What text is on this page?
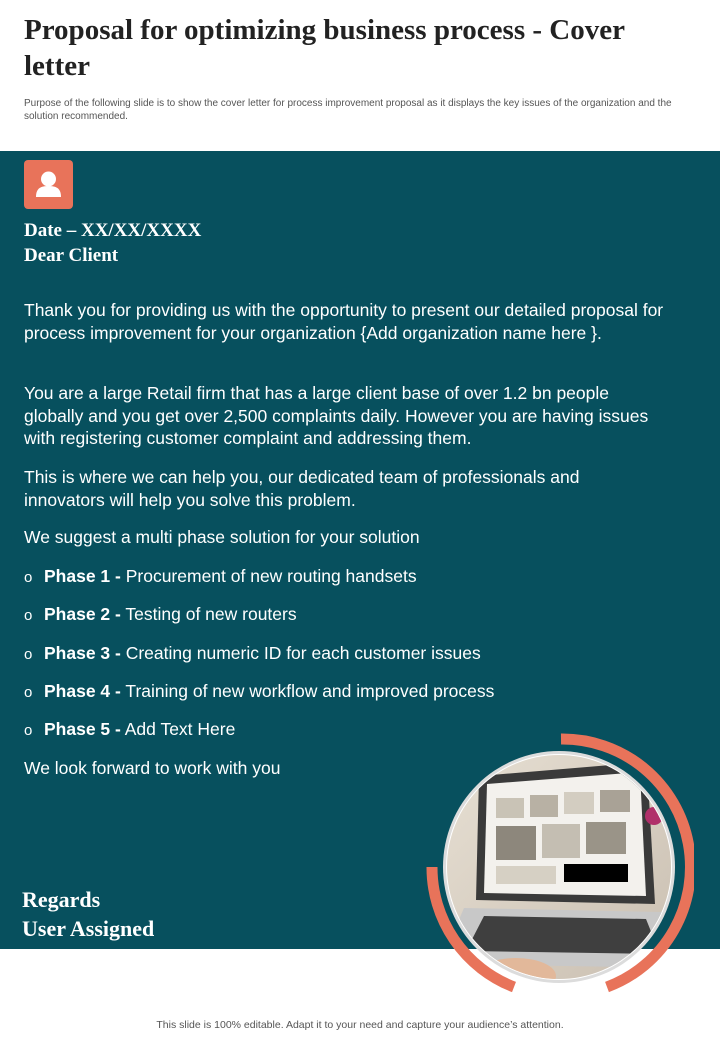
Proposal for optimizing business process - Cover letter

Purpose of the following slide is to show the cover letter for process improvement proposal as it displays the key issues of the organization and the solution recommended.

Date – XX/XX/XXXX

Dear Client

Thank you for providing us with the opportunity to present our detailed proposal for process improvement for your organization {Add organization name here }.

You are a large Retail firm that has a large client base of over 1.2 bn people globally and you get over 2,500 complaints daily. However you are having issues with registering customer complaint and addressing them.

This is where we can help you, our dedicated team of professionals and innovators will help you solve this problem.

We suggest a multi phase solution for your solution

o Phase 1 - Procurement of new routing handsets

o Phase 2 - Testing of new routers

o Phase 3 - Creating numeric ID for each customer issues

o Phase 4 - Training of new workflow and improved process

o Phase 5 - Add Text Here

We look forward to work with you

Regards

User Assigned

This slide is 100% editable. Adapt it to your need and capture your audience’s attention.
